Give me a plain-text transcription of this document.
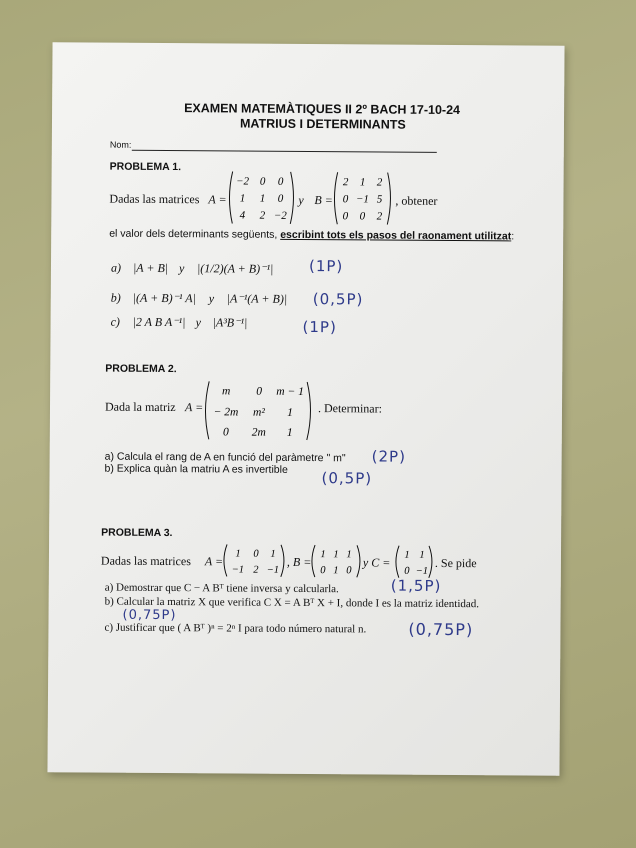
EXAMEN MATEMÀTIQUES II 2º BACH 17-10-24
MATRIUS I DETERMINANTS
Nom:
PROBLEMA 1.
Dadas las matrices A =
−2 0 0
1 1 0
4 2 −2
y B =
2 1 2
0 −1 5
0 0 2
, obtener
el valor dels determinants següents, escribint tots els pasos del raonament utilitzat:
a) |A + B| y |(1/2)(A + B)⁻¹| (1P)
b) |(A + B)⁻¹ A| y |A⁻¹(A + B)| (0,5P)
c) |2 A B A⁻¹| y |A³B⁻¹|	(1P)
PROBLEMA 2.
Dada la matriz A =
m 0 m − 1
− 2m m² 1
0 2m 1
. Determinar:
a) Calcula el rang de A en funció del paràmetre " m" (2P)
b) Explica quàn la matriu A es invertible (0,5P)
PROBLEMA 3.
Dadas las matrices A =
1 0 1
−1 2 −1
, B =
1 1 1
0 1 0
y C =
1 1
0 −1
. Se pide
a) Demostrar que C − A Bᵀ tiene inversa y calcularla.	(1,5P)
b) Calcular la matriz X que verifica C X = A Bᵀ X + I, donde I es la matriz identidad.
(0,75P)
c) Justificar que ( A Bᵀ )ⁿ = 2ⁿ I para todo número natural n.	(0,75P)
